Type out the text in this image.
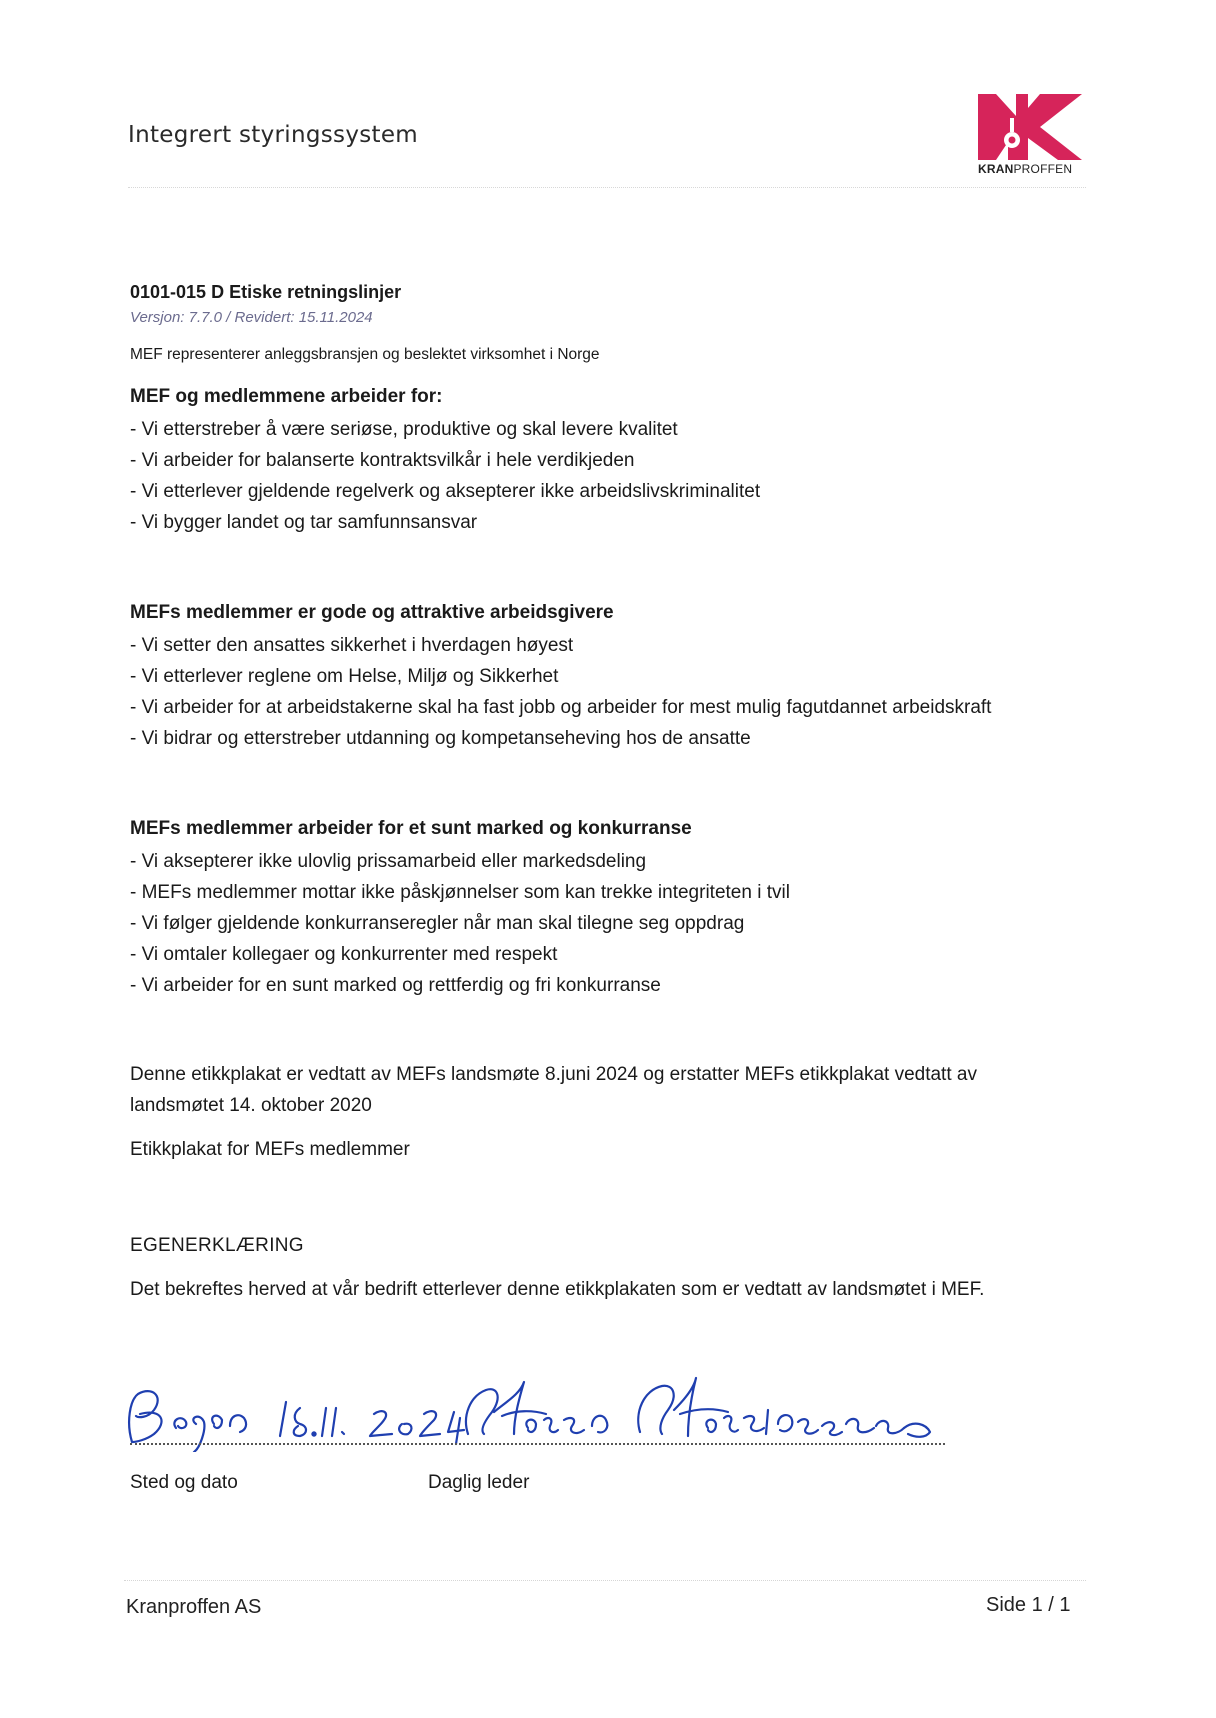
Integrert styringssystem
KRANPROFFEN
0101-015 D Etiske retningslinjer
Versjon: 7.7.0 / Revidert: 15.11.2024
MEF representerer anleggsbransjen og beslektet virksomhet i Norge
MEF og medlemmene arbeider for:
- Vi etterstreber å være seriøse, produktive og skal levere kvalitet
- Vi arbeider for balanserte kontraktsvilkår i hele verdikjeden
- Vi etterlever gjeldende regelverk og aksepterer ikke arbeidslivskriminalitet
- Vi bygger landet og tar samfunnsansvar
MEFs medlemmer er gode og attraktive arbeidsgivere
- Vi setter den ansattes sikkerhet i hverdagen høyest
- Vi etterlever reglene om Helse, Miljø og Sikkerhet
- Vi arbeider for at arbeidstakerne skal ha fast jobb og arbeider for mest mulig fagutdannet arbeidskraft
- Vi bidrar og etterstreber utdanning og kompetanseheving hos de ansatte
MEFs medlemmer arbeider for et sunt marked og konkurranse
- Vi aksepterer ikke ulovlig prissamarbeid eller markedsdeling
- MEFs medlemmer mottar ikke påskjønnelser som kan trekke integriteten i tvil
- Vi følger gjeldende konkurranseregler når man skal tilegne seg oppdrag
- Vi omtaler kollegaer og konkurrenter med respekt
- Vi arbeider for en sunt marked og rettferdig og fri konkurranse
Denne etikkplakat er vedtatt av MEFs landsmøte 8.juni 2024 og erstatter MEFs etikkplakat vedtatt av landsmøtet 14. oktober 2020
Etikkplakat for MEFs medlemmer
EGENERKLÆRING
Det bekreftes herved at vår bedrift etterlever denne etikkplakaten som er vedtatt av landsmøtet i MEF.
Sted og dato	Daglig leder
Kranproffen AS	Side 1 / 1
